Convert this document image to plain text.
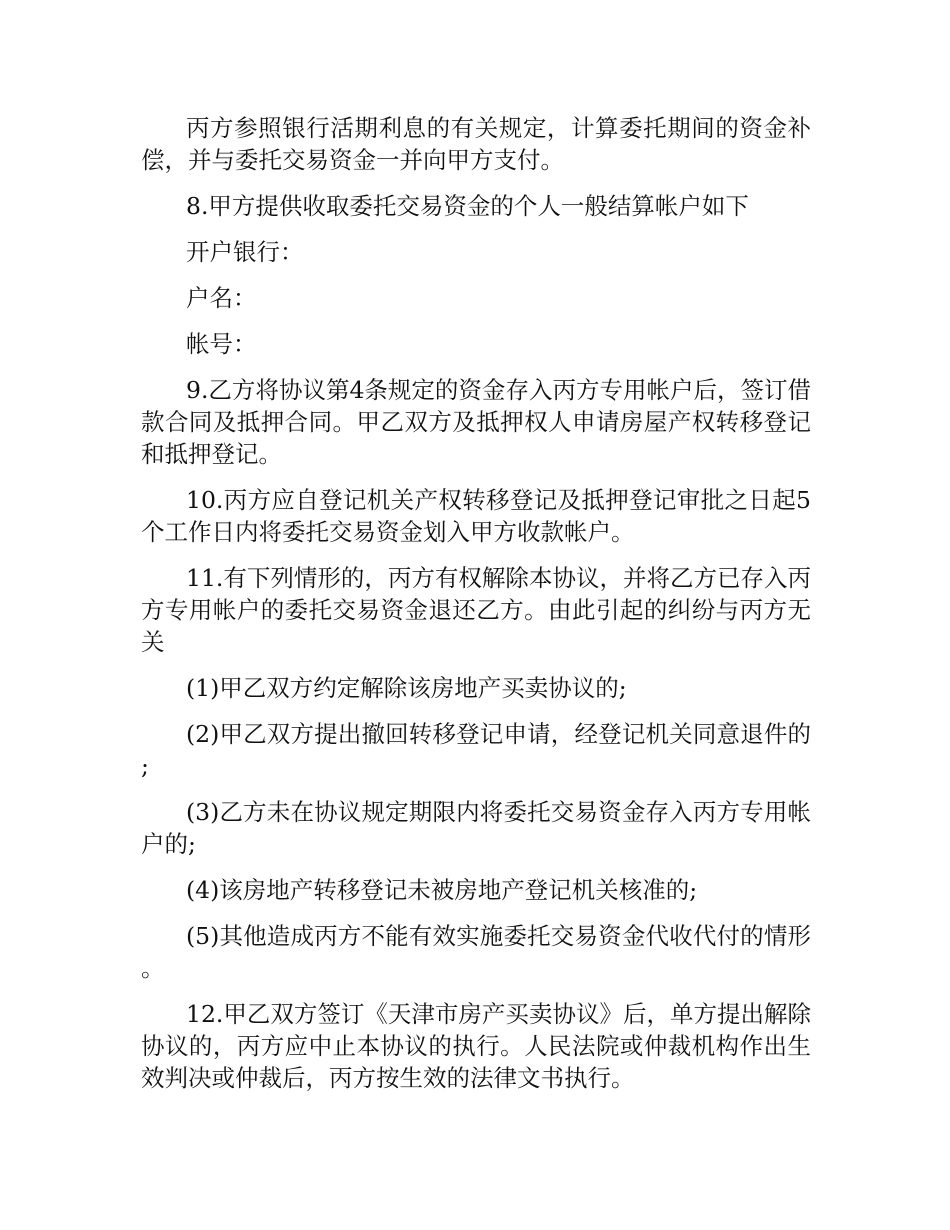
丙方参照银行活期利息的有关规定，计算委托期间的资金补偿，并与委托交易资金一并向甲方支付。

8.甲方提供收取委托交易资金的个人一般结算帐户如下

开户银行：

户名：

帐号：

9.乙方将协议第4条规定的资金存入丙方专用帐户后，签订借款合同及抵押合同。甲乙双方及抵押权人申请房屋产权转移登记和抵押登记。

10.丙方应自登记机关产权转移登记及抵押登记审批之日起5个工作日内将委托交易资金划入甲方收款帐户。

11.有下列情形的，丙方有权解除本协议，并将乙方已存入丙方专用帐户的委托交易资金退还乙方。由此引起的纠纷与丙方无关

(1)甲乙双方约定解除该房地产买卖协议的;

(2)甲乙双方提出撤回转移登记申请，经登记机关同意退件的;

(3)乙方未在协议规定期限内将委托交易资金存入丙方专用帐户的;

(4)该房地产转移登记未被房地产登记机关核准的;

(5)其他造成丙方不能有效实施委托交易资金代收代付的情形。

12.甲乙双方签订《天津市房产买卖协议》后，单方提出解除协议的，丙方应中止本协议的执行。人民法院或仲裁机构作出生效判决或仲裁后，丙方按生效的法律文书执行。
